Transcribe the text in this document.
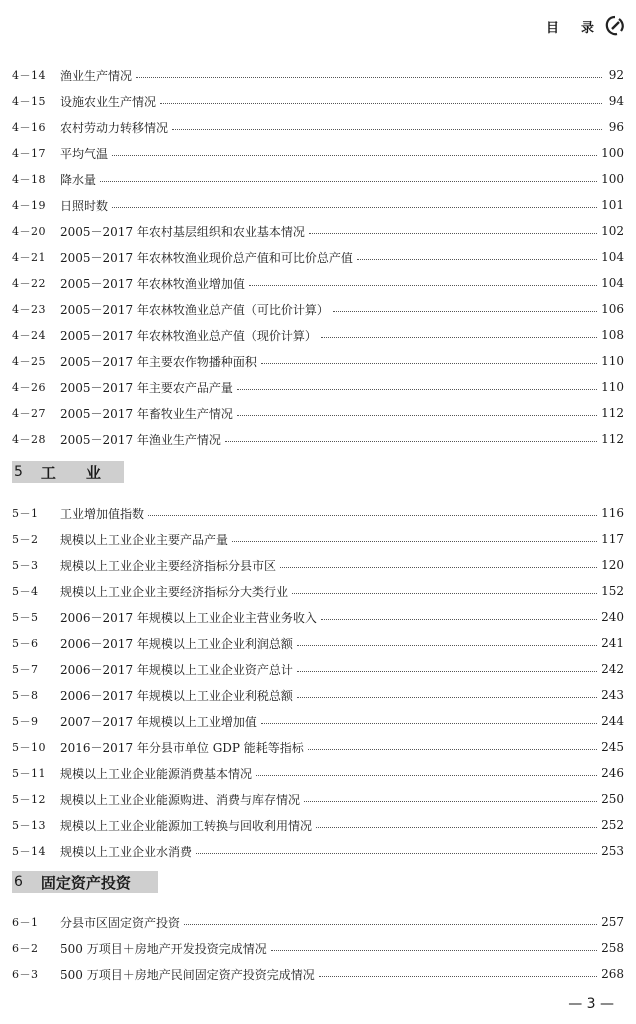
目录
4－14	渔业生产情况	92
4－15	设施农业生产情况	94
4－16	农村劳动力转移情况	96
4－17	平均气温	100
4－18	降水量	100
4－19	日照时数	101
4－20	2005－2017 年农村基层组织和农业基本情况	102
4－21	2005－2017 年农林牧渔业现价总产值和可比价总产值	104
4－22	2005－2017 年农林牧渔业增加值	104
4－23	2005－2017 年农林牧渔业总产值（可比价计算）	106
4－24	2005－2017 年农林牧渔业总产值（现价计算）	108
4－25	2005－2017 年主要农作物播种面积	110
4－26	2005－2017 年主要农产品产量	110
4－27	2005－2017 年畜牧业生产情况	112
4－28	2005－2017 年渔业生产情况	112
5 工　　业
5－1	工业增加值指数	116
5－2	规模以上工业企业主要产品产量	117
5－3	规模以上工业企业主要经济指标分县市区	120
5－4	规模以上工业企业主要经济指标分大类行业	152
5－5	2006－2017 年规模以上工业企业主营业务收入	240
5－6	2006－2017 年规模以上工业企业利润总额	241
5－7	2006－2017 年规模以上工业企业资产总计	242
5－8	2006－2017 年规模以上工业企业利税总额	243
5－9	2007－2017 年规模以上工业增加值	244
5－10	2016－2017 年分县市单位 GDP 能耗等指标	245
5－11	规模以上工业企业能源消费基本情况	246
5－12	规模以上工业企业能源购进、消费与库存情况	250
5－13	规模以上工业企业能源加工转换与回收利用情况	252
5－14	规模以上工业企业水消费	253
6 固定资产投资
6－1	分县市区固定资产投资	257
6－2	500 万项目＋房地产开发投资完成情况	258
6－3	500 万项目＋房地产民间固定资产投资完成情况	268
— 3 —
